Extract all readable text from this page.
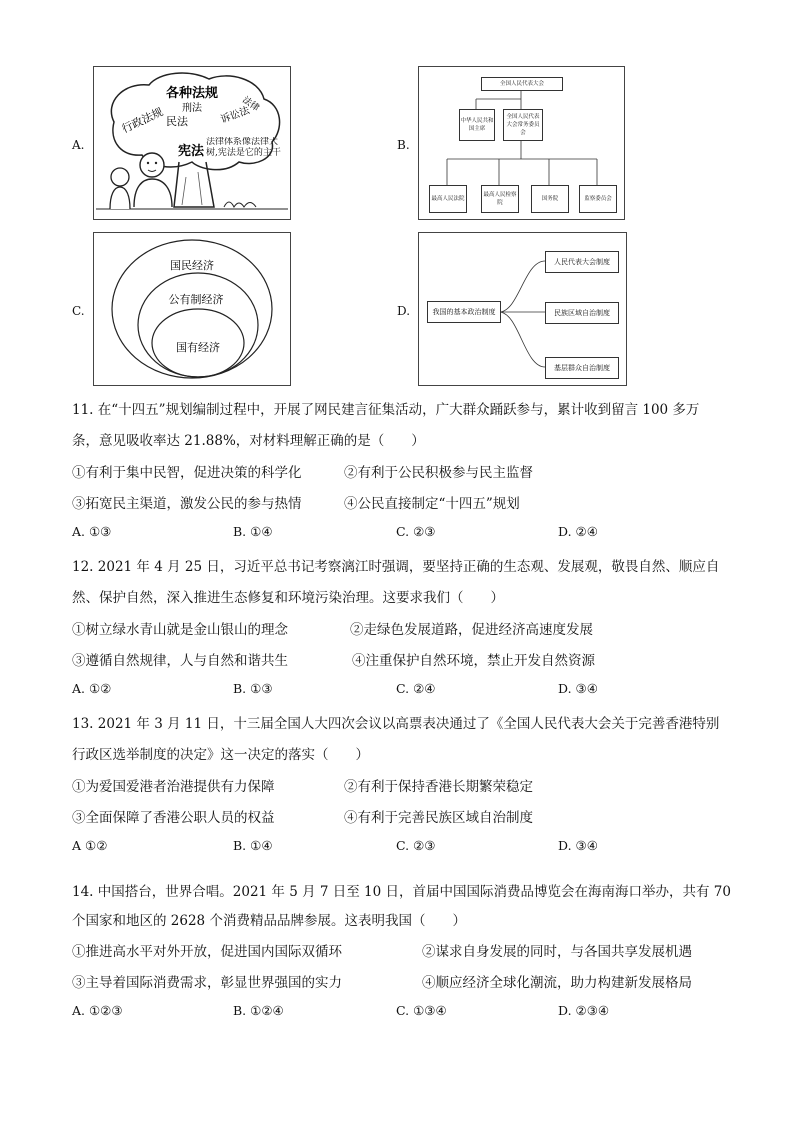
A.
各种法规
行政法规 民法
刑法 诉讼法
法律
宪法
法律体系像法律大树,宪法是它的主干
B.
全国人民代表大会
中华人民共和国主席
全国人民代表大会常务委员会
最高人民法院
最高人民检察院
国务院	监察委员会
C.
国民经济
公有制经济
国有经济
D.	我国的基本政治制度
人民代表大会制度
民族区域自治制度
基层群众自治制度
11. 在“十四五”规划编制过程中，开展了网民建言征集活动，广大群众踊跃参与，累计收到留言 100 多万
条，意见吸收率达 21.88%，对材料理解正确的是（　　）
①有利于集中民智，促进决策的科学化	②有利于公民积极参与民主监督
③拓宽民主渠道，激发公民的参与热情	④公民直接制定“十四五”规划
A. ①③	B. ①④	C. ②③	D. ②④
12. 2021 年 4 月 25 日，习近平总书记考察漓江时强调，要坚持正确的生态观、发展观，敬畏自然、顺应自
然、保护自然，深入推进生态修复和环境污染治理。这要求我们（　　）
①树立绿水青山就是金山银山的理念	②走绿色发展道路，促进经济高速度发展
③遵循自然规律，人与自然和谐共生	④注重保护自然环境，禁止开发自然资源
A. ①②	B. ①③	C. ②④	D. ③④
13. 2021 年 3 月 11 日，十三届全国人大四次会议以高票表决通过了《全国人民代表大会关于完善香港特别
行政区选举制度的决定》这一决定的落实（　　）
①为爱国爱港者治港提供有力保障	②有利于保持香港长期繁荣稳定
③全面保障了香港公职人员的权益	④有利于完善民族区域自治制度
A ①②	B. ①④	C. ②③	D. ③④
14. 中国搭台，世界合唱。2021 年 5 月 7 日至 10 日，首届中国国际消费品博览会在海南海口举办，共有 70
个国家和地区的 2628 个消费精品品牌参展。这表明我国（　　）
①推进高水平对外开放，促进国内国际双循环	②谋求自身发展的同时，与各国共享发展机遇
③主导着国际消费需求，彰显世界强国的实力	④顺应经济全球化潮流，助力构建新发展格局
A. ①②③	B. ①②④	C. ①③④	D. ②③④
